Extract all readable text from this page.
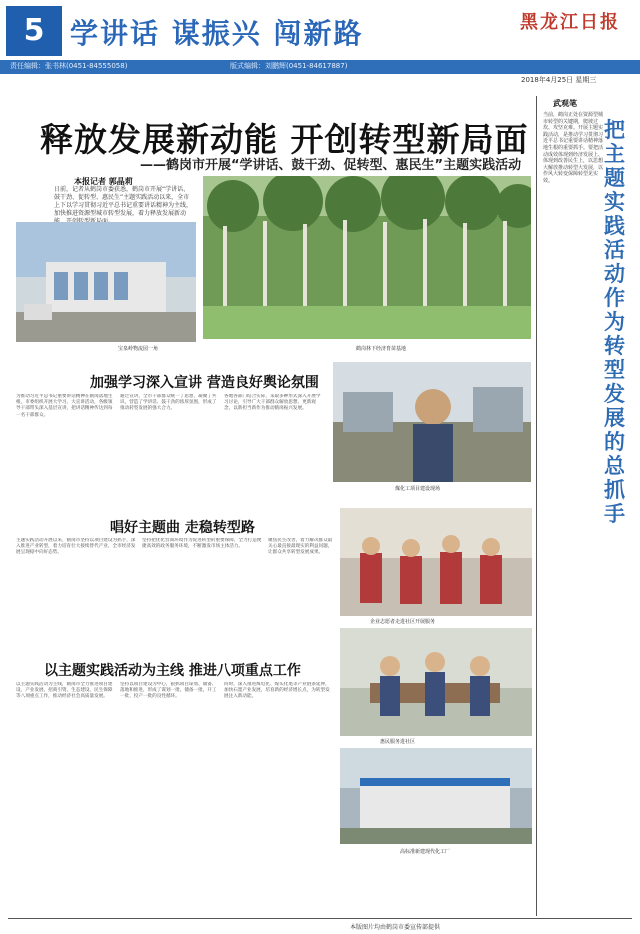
5 学讲话 谋振兴 闯新路	黑龙江日报
责任编辑：张书林(0451-84555058)	版式编辑：刘鹏辉(0451-84617887)
2018年4月25日 星期三
释放发展新动能 开创转型新局面
——鹤岗市开展“学讲话、鼓干劲、促转型、惠民生”主题实践活动
本报记者 郭晶莉
日前，记者从鹤岗市委获悉，鹤岗市开展“学讲话、鼓干劲、促转型、惠民生”主题实践活动以来，全市上下以学习贯彻习近平总书记重要讲话精神为主线，加快推进资源型城市转型发展，着力释放发展新动
武观笔
当前，鹤岗正处在资源型城市转型的关键期，爬坡过坎、攻坚克难。开展主题实践活动，是推动学习贯彻习近平总书记重要讲话精神落地生根的重要抓手。要把活动成效体现到经济发展上、体现到改善民生上，以思想大解放推动转型大发展，以作风大转变保障转型见实效。
把主题实践活动作为转型发展的总抓手
宝泉岭物流园一角	鹤岗林下经济育苗基地
加强学习深入宣讲 营造良好舆论氛围
为推动习近平总书记重要讲话精神在鹤岗落地生根，市委组织开展大学习、大宣讲活动，各级领导干部带头深入基层宣讲，把讲话精神传达到每一名干部群众。
通过宣讲，全市干部群众统一了思想，凝聚了共识，营造了学讲话、鼓干劲的浓厚氛围，形成了推动转型发展的强大合力。
各地各部门结合实际，采取多种形式深入开展学习讨论，引导广大干部群众解放思想、更新观念，以新担当新作为推动鹤岗振兴发展。
煤化工项目建设现场
唱好主题曲 走稳转型路
主题实践活动开展以来，鹤岗市坚持以项目建设为抓手，深入推进产业转型，着力培育壮大接续替代产业，全市经济发展呈现稳中向好态势。
坚持把优化营商环境作为促进转型的重要保障，全力打造便捷高效的政务服务环境，不断激发市场主体活力。
聚焦民生改善，着力解决群众最关心最直接最现实的利益问题，让群众共享转型发展成果。
企业志愿者走进社区开展服务
惠民服务进社区
以主题实践活动为主线 推进八项重点工作
以主题实践活动为主线，鹤岗市全力推进项目建设、产业发展、招商引资、生态建设、民生保障等八项重点工作，推动经济社会高质量发展。
坚持以项目建设为中心，狠抓项目谋划、储备、落地和推进，形成了谋划一批、储备一批、开工一批、投产一批的良性循环。
同时，深入推进煤电化、煤头化尾等产业链条延伸，加快石墨产业发展，培育新的经济增长点，为转型发展注入新动能。
高标准新建现代化工厂
本版图片均由鹤岗市委宣传部提供
